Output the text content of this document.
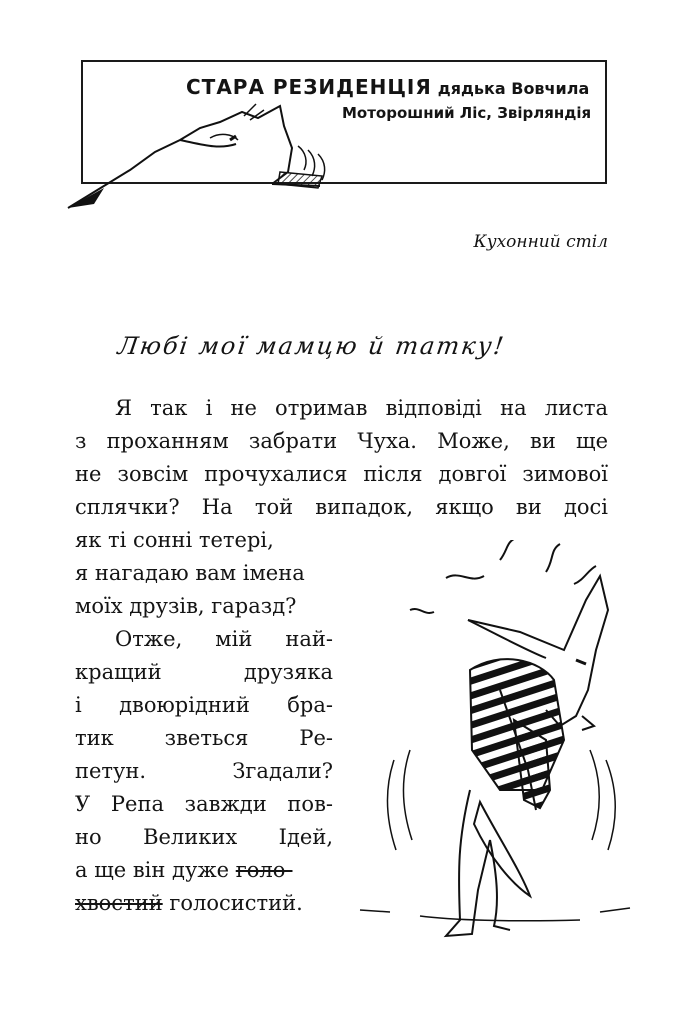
СТАРА РЕЗИДЕНЦІЯ дядька Вовчила
Моторошний Ліс, Звірляндія
Кухонний стіл
Любі мої мамцю й татку!
Я так і не отримав відповіді на листа
з проханням забрати Чуха. Може, ви ще
не зовсім прочухалися після довгої зимової
сплячки? На той випадок, якщо ви досі
як ті сонні тетері,
я нагадаю вам імена
моїх друзів, гаразд?
Отже, мій най-
кращий друзяка
і двоюрідний бра-
тик зветься Ре-
петун. Згадали?
У Репа завжди пов-
но Великих Ідей,
а ще він дуже голо-
хвостий голосистий.
